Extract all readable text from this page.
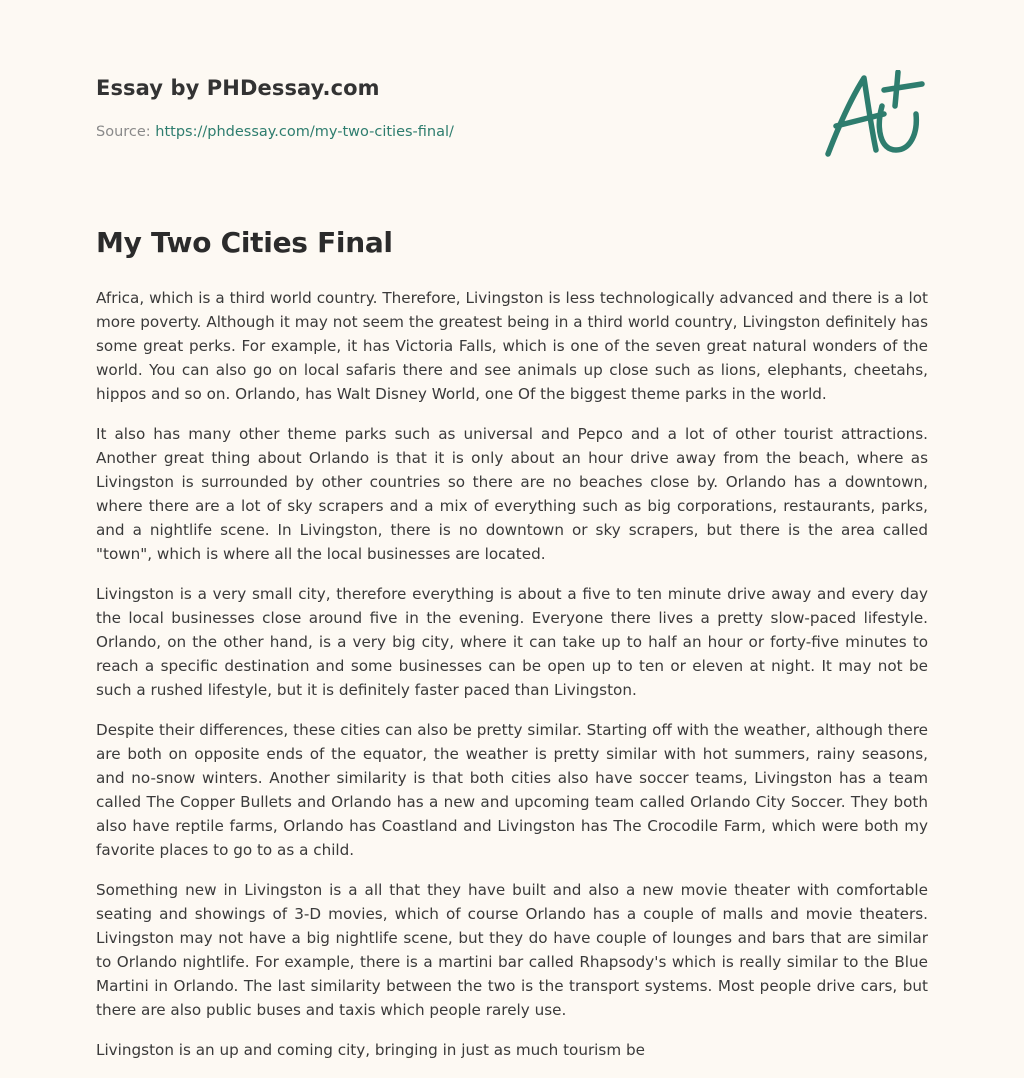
Essay by PHDessay.com
Source: https://phdessay.com/my-two-cities-final/
My Two Cities Final

Africa, which is a third world country. Therefore, Livingston is less technologically advanced and there is a lot more poverty. Although it may not seem the greatest being in a third world country, Livingston definitely has some great perks. For example, it has Victoria Falls, which is one of the seven great natural wonders of the world. You can also go on local safaris there and see animals up close such as lions, elephants, cheetahs, hippos and so on. Orlando, has Walt Disney World, one Of the biggest theme parks in the world.

It also has many other theme parks such as universal and Pepco and a lot of other tourist attractions. Another great thing about Orlando is that it is only about an hour drive away from the beach, where as Livingston is surrounded by other countries so there are no beaches close by. Orlando has a downtown, where there are a lot of sky scrapers and a mix of everything such as big corporations, restaurants, parks, and a nightlife scene. In Livingston, there is no downtown or sky scrapers, but there is the area called "town", which is where all the local businesses are located.

Livingston is a very small city, therefore everything is about a five to ten minute drive away and every day the local businesses close around five in the evening. Everyone there lives a pretty slow-paced lifestyle. Orlando, on the other hand, is a very big city, where it can take up to half an hour or forty-five minutes to reach a specific destination and some businesses can be open up to ten or eleven at night. It may not be such a rushed lifestyle, but it is definitely faster paced than Livingston.

Despite their differences, these cities can also be pretty similar. Starting off with the weather, although there are both on opposite ends of the equator, the weather is pretty similar with hot summers, rainy seasons, and no-snow winters. Another similarity is that both cities also have soccer teams, Livingston has a team called The Copper Bullets and Orlando has a new and upcoming team called Orlando City Soccer. They both also have reptile farms, Orlando has Coastland and Livingston has The Crocodile Farm, which were both my favorite places to go to as a child.

Something new in Livingston is a all that they have built and also a new movie theater with comfortable seating and showings of 3-D movies, which of course Orlando has a couple of malls and movie theaters. Livingston may not have a big nightlife scene, but they do have couple of lounges and bars that are similar to Orlando nightlife. For example, there is a martini bar called Rhapsody's which is really similar to the Blue Martini in Orlando. The last similarity between the two is the transport systems. Most people drive cars, but there are also public buses and taxis which people rarely use.

Livingston is an up and coming city, bringing in just as much tourism be
